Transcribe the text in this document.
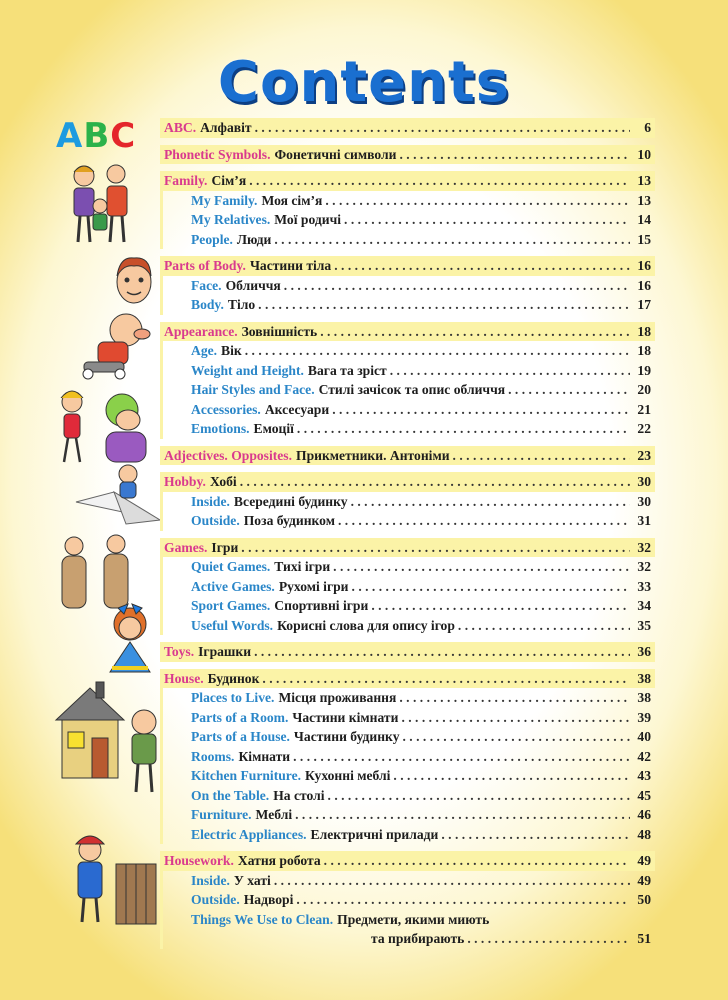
Contents
ABC ABC. Алфавіт . . .	6
Phonetic Symbols. Фонетичні символи . . .	10
Family. Сім’я . . .	13
My Family. Моя сім’я . . .	13
My Relatives. Мої родичі . . .	14
People. Люди . . .	15
Parts of Body. Частини тіла . . .	16
Face. Обличчя . . .	16
Body. Тіло . . .	17
Appearance. Зовнішність . . .	18
Age. Вік . . .	18
Weight and Height. Вага та зріст . . .	19
Hair Styles and Face. Стилі зачісок та опис обличчя . . .	20
Accessories. Аксесуари . . .	21
Emotions. Емоції . . .	22
Adjectives. Opposites. Прикметники. Антоніми . . .	23
Hobby. Хобі . . .	30
Inside. Всередині будинку . . .	30
Outside. Поза будинком . . .	31
Games. Ігри . . .	32
Quiet Games. Тихі ігри . . .	32
Active Games. Рухомі ігри . . .	33
Sport Games. Спортивні ігри . . .	34
Useful Words. Корисні слова для опису ігор . . .	35
Toys. Іграшки . . .	36
House. Будинок . . .	38
Places to Live. Місця проживання . . .	38
Parts of a Room. Частини кімнати . . .	39
Parts of a House. Частини будинку . . .	40
Rooms. Кімнати . . .	42
Kitchen Furniture. Кухонні меблі . . .	43
On the Table. На столі . . .	45
Furniture. Меблі . . .	46
Electric Appliances. Електричні прилади . . .	48
Housework. Хатня робота . . .	49
Inside. У хаті . . .	49
Outside. Надворі . . .	50
Things We Use to Clean. Предмети, якими миють
та прибирають . . .	51
